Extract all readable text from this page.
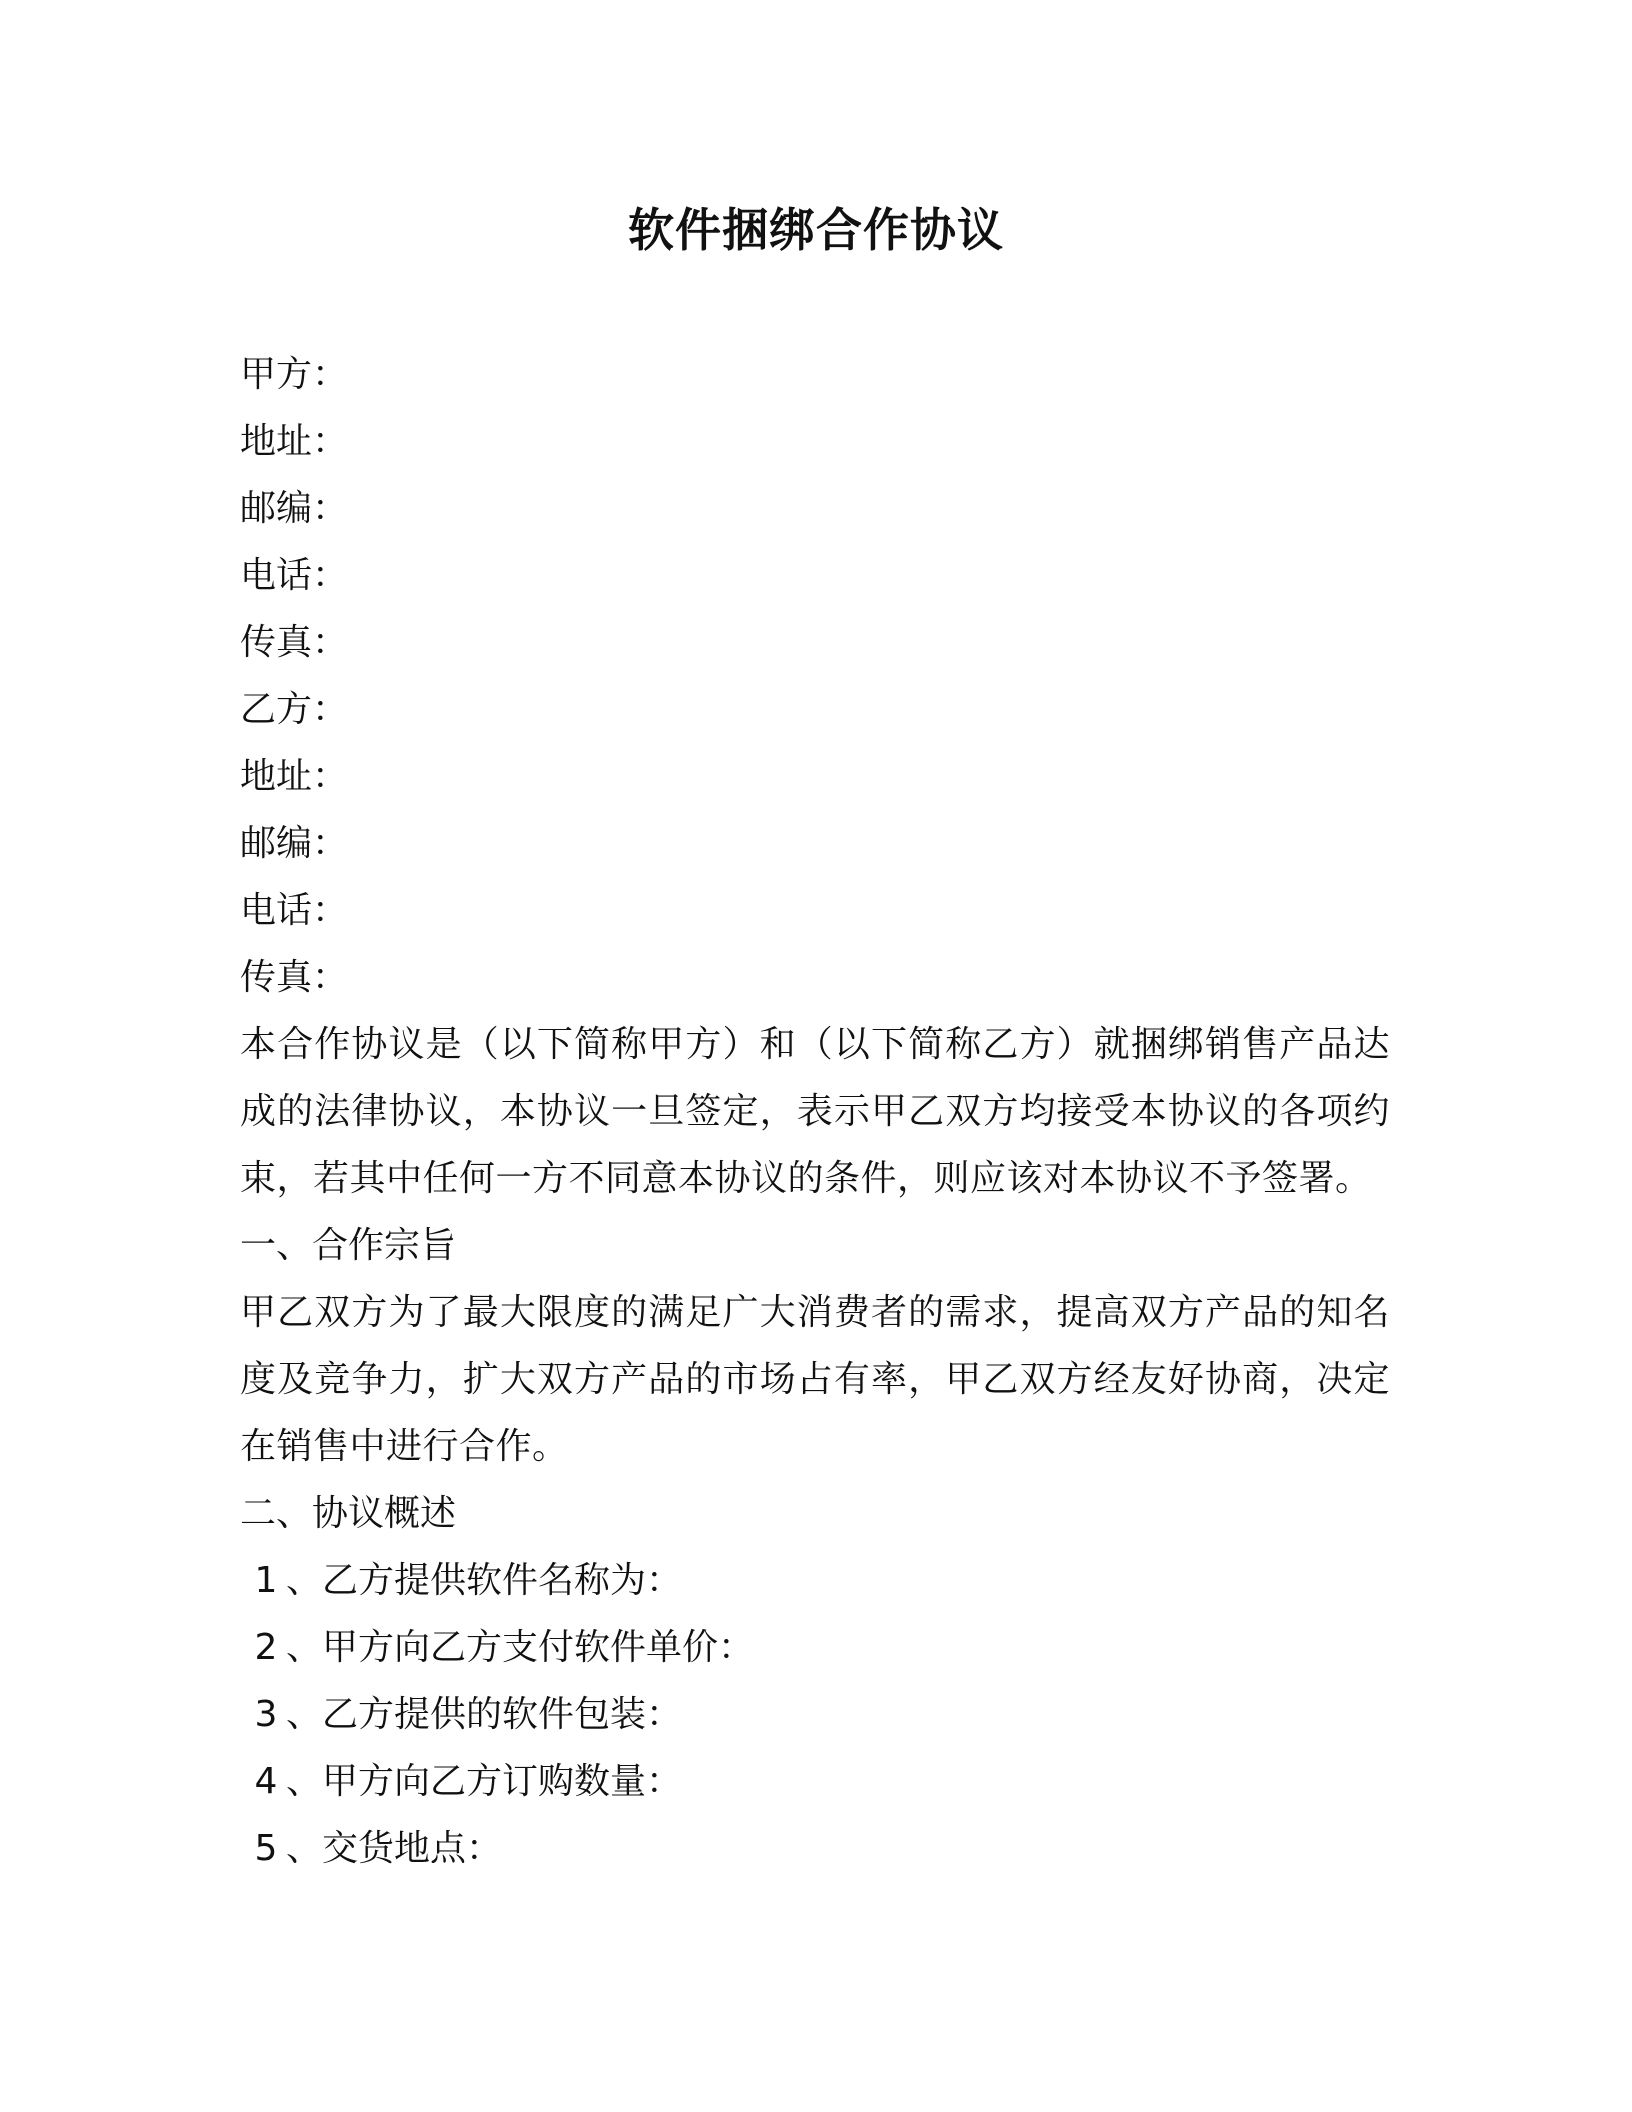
软件捆绑合作协议
甲方：
地址：
邮编：
电话：
传真：
乙方：
地址：
邮编：
电话：
传真：
本合作协议是（以下简称甲方）和（以下简称乙方）就捆绑销售产品达成的法律协议，本协议一旦签定，表示甲乙双方均接受本协议的各项约束，若其中任何一方不同意本协议的条件，则应该对本协议不予签署。
一、合作宗旨
甲乙双方为了最大限度的满足广大消费者的需求，提高双方产品的知名度及竞争力，扩大双方产品的市场占有率，甲乙双方经友好协商，决定在销售中进行合作。
二、协议概述
1 、乙方提供软件名称为：
2 、甲方向乙方支付软件单价：
3 、乙方提供的软件包装：
4 、甲方向乙方订购数量：
5 、交货地点：
